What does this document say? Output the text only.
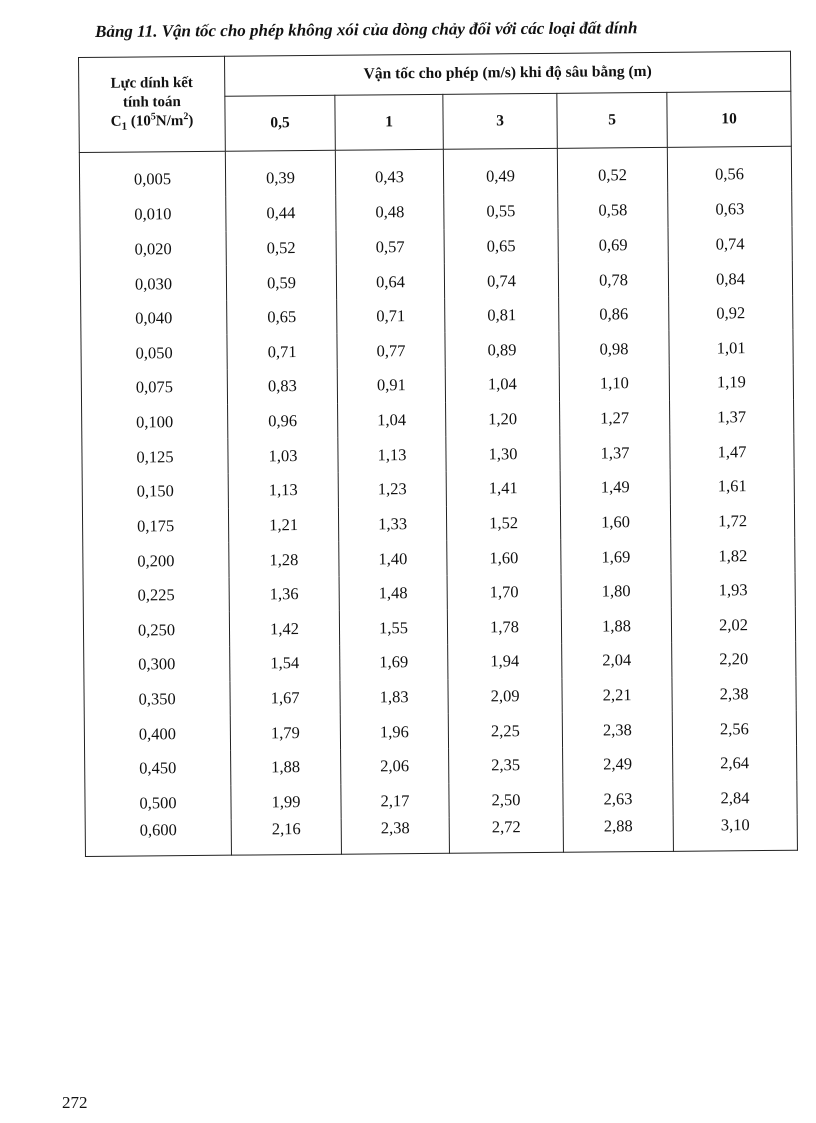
Bảng 11. Vận tốc cho phép không xói của dòng chảy đối với các loại đất dính
Lực dính kết
tính toán
$C_1$ $(10^5N/m^2)$	Vận tốc cho phép (m/s) khi độ sâu bằng (m)				
	0,5	1	3	5	10
0,005	0,39	0,43	0,49	0,52	0,56
0,010	0,44	0,48	0,55	0,58	0,63
0,020	0,52	0,57	0,65	0,69	0,74
0,030	0,59	0,64	0,74	0,78	0,84
0,040	0,65	0,71	0,81	0,86	0,92
0,050	0,71	0,77	0,89	0,98	1,01
0,075	0,83	0,91	1,04	1,10	1,19
0,100	0,96	1,04	1,20	1,27	1,37
0,125	1,03	1,13	1,30	1,37	1,47
0,150	1,13	1,23	1,41	1,49	1,61
0,175	1,21	1,33	1,52	1,60	1,72
0,200	1,28	1,40	1,60	1,69	1,82
0,225	1,36	1,48	1,70	1,80	1,93
0,250	1,42	1,55	1,78	1,88	2,02
0,300	1,54	1,69	1,94	2,04	2,20
0,350	1,67	1,83	2,09	2,21	2,38
0,400	1,79	1,96	2,25	2,38	2,56
0,450	1,88	2,06	2,35	2,49	2,64
0,500	1,99	2,17	2,50	2,63	2,84
0,600	2,16	2,38	2,72	2,88	3,10
272
